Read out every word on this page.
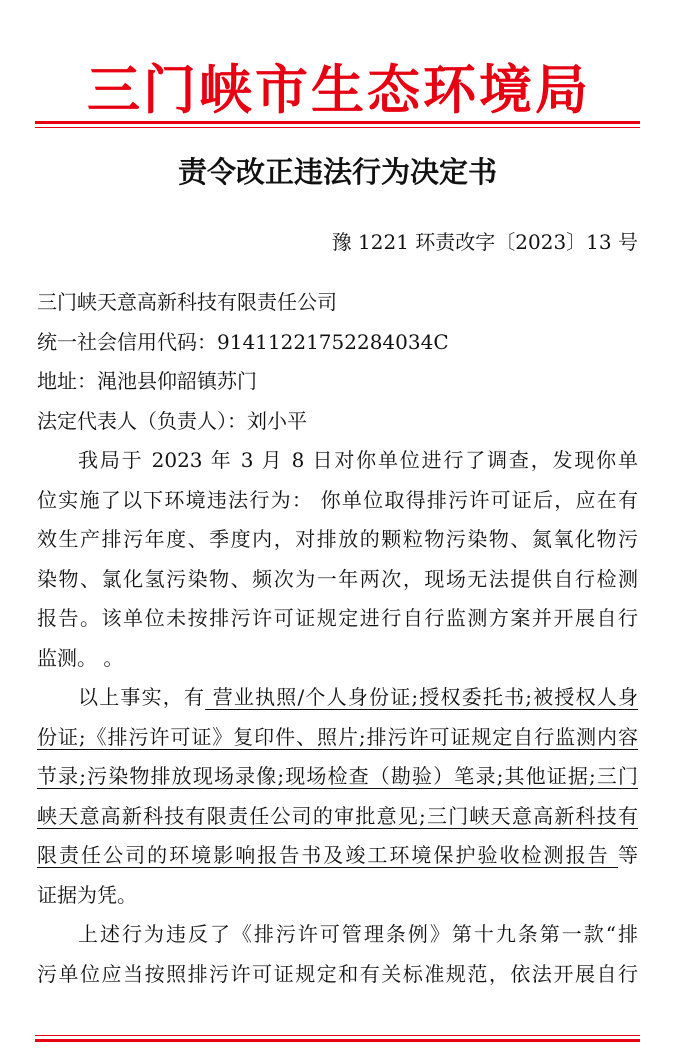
三门峡市生态环境局
责令改正违法行为决定书
豫 1221 环责改字〔2023〕13 号
三门峡天意高新科技有限责任公司
统一社会信用代码：91411221752284034C
地址：渑池县仰韶镇苏门
法定代表人（负责人）：刘小平
我局于 2023 年 3 月 8 日对你单位进行了调查，发现你单
位实施了以下环境违法行为： 你单位取得排污许可证后，应在有
效生产排污年度、季度内，对排放的颗粒物污染物、氮氧化物污
染物、氯化氢污染物、频次为一年两次，现场无法提供自行检测
报告。该单位未按排污许可证规定进行自行监测方案并开展自行
监测。 。
以上事实，有 营业执照/个人身份证;授权委托书;被授权人身
份证;《排污许可证》复印件、照片;排污许可证规定自行监测内容
节录;污染物排放现场录像;现场检查（勘验）笔录;其他证据;三门
峡天意高新科技有限责任公司的审批意见;三门峡天意高新科技有
限责任公司的环境影响报告书及竣工环境保护验收检测报告 等
证据为凭。
上述行为违反了《排污许可管理条例》第十九条第一款“排
污单位应当按照排污许可证规定和有关标准规范，依法开展自行
